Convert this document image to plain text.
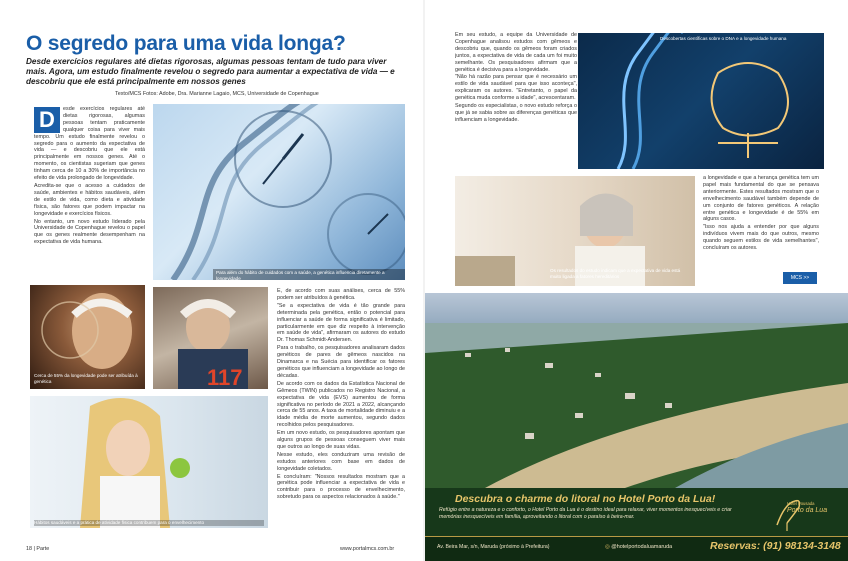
O segredo para uma vida longa?
Desde exercícios regulares até dietas rigorosas, algumas pessoas tentam de tudo para viver mais. Agora, um estudo finalmente revelou o segredo para aumentar a expectativa de vida — e descobriu que ele está principalmente em nossos genes
Texto/MCS Fotos: Adobe, Dra. Marianne Lagaio, MCS, Universidade de Copenhague
D	esde exercícios regulares até dietas rigorosas, algumas pessoas tentam praticamente qualquer coisa para viver mais tempo. Um estudo finalmente revelou o segredo para o aumento da expectativa de vida — e descobriu que ele está principalmente em nossos genes. Até o momento, os cientistas sugeriam que genes tinham cerca de 10 a 30% de importância no efeito de vida prolongado de longevidade.

Acredita-se que o acesso a cuidados de saúde, ambientes e hábitos saudáveis, além de estilo de vida, como dieta e atividade física, são fatores que podem impactar na longevidade e exercícios físicos.

No entanto, um novo estudo liderado pela Universidade de Copenhague revelou o papel que os genes realmente desempenham na expectativa de vida humana.

Para além do hábito de cuidados com a saúde, a genética influencia diretamente a longevidade
Cerca de 55% da longevidade pode ser atribuída à genética	117

E, de acordo com suas análises, cerca de 55% podem ser atribuídos à genética.

"Se a expectativa de vida é tão grande para determinada pela genética, então o potencial para influenciar a saúde de forma significativa é limitado, particularmente em que diz respeito à intervenção em saúde de vida", afirmaram os autores do estudo Dr. Thomas Schmidt-Andersen.

Para o trabalho, os pesquisadores analisaram dados genéticos de pares de gêmeos nascidos na Dinamarca e na Suécia para identificar os fatores genéticos que influenciam a longevidade ao longo de décadas.

De acordo com os dados da Estatística Nacional de Gêmeos (TWIN) publicados no Registro Nacional, a expectativa de vida (EVS) aumentou de forma significativa no período de 2021 a 2022, alcançando cerca de 55 anos. A taxa de mortalidade diminuiu e a idade média de morte aumentou, segundo dados recolhidos pelos pesquisadores.

Em um novo estudo, os pesquisadores apontam que alguns grupos de pessoas conseguem viver mais que outros ao longo de suas vidas.

Nesse estudo, eles conduziram uma revisão de estudos anteriores com base em dados de longevidade coletados.

E concluíram: "Nossos resultados mostram que a genética pode influenciar a expectativa de vida e contribuir para o processo de envelhecimento, sobretudo para os aspectos relacionados à saúde."

Hábitos saudáveis e a prática de atividade física contribuem para o envelhecimento
18 | Parte	www.portalmcs.com.br

Em seu estudo, a equipe da Universidade de Copenhague analisou estudos com gêmeos e descobriu que, quando os gêmeos foram criados juntos, a expectativa de vida de cada um foi muito semelhante. Os pesquisadores afirmam que a genética é decisiva para a longevidade.

"Não há razão para pensar que é necessário um estilo de vida saudável para que isso aconteça", explicaram os autores. "Entretanto, o papel da genética muda conforme a idade", acrescentaram.

Segundo os especialistas, o novo estudo reforça o que já se sabia sobre as diferenças genéticas que influenciam a longevidade.

Descobertas científicas sobre o DNA e a longevidade humana
Os resultados do estudo indicam que a expectativa de vida está muito ligada a fatores hereditários

a longevidade e que a herança genética tem um papel mais fundamental do que se pensava anteriormente. Estes resultados mostram que o envelhecimento saudável também depende de um conjunto de fatores genéticos. A relação entre genética e longevidade é de 55% em alguns casos.

"Isso nos ajuda a entender por que alguns indivíduos vivem mais do que outros, mesmo quando seguem estilos de vida semelhantes", concluíram os autores.

MCS >>
Descubra o charme do litoral no Hotel Porto da Lua!
Refúgio entre a natureza e o conforto, o Hotel Porto da Lua é o destino ideal para relaxar, viver momentos inesquecíveis e criar memórias inesquecíveis em família, aproveitando o litoral com o paraíso à beira-mar.
Hotel Pousada
Porto da Lua
Av. Beira Mar, s/n, Maruda (próximo à Prefeitura)	◎ @hotelportodaluamaruda	Reservas: (91) 98134-3148
